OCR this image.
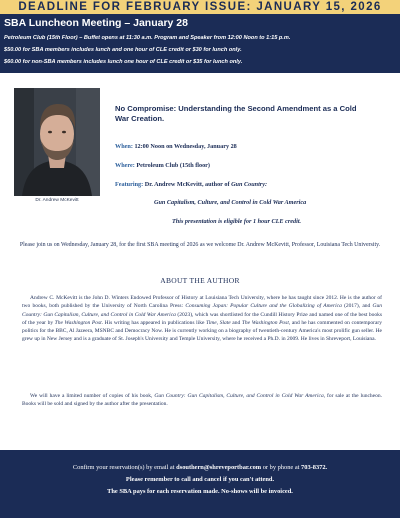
DEADLINE FOR FEBRUARY ISSUE: JANUARY 15, 2026
SBA Luncheon Meeting – January 28
Petroleum Club (15th Floor) – Buffet opens at 11:30 a.m. Program and Speaker from 12:00 Noon to 1:15 p.m.
$50.00 for SBA members includes lunch and one hour of CLE credit or $30 for lunch only.
$60.00 for non-SBA members includes lunch one hour of CLE credit or $35 for lunch only.
Dr. Andrew McKevitt
No Compromise: Understanding the Second Amendment as a Cold War Creation.
When: 12:00 Noon on Wednesday, January 28
Where: Petroleum Club (15th floor)
Featuring: Dr. Andrew McKevitt, author of Gun Country:
Gun Capitalism, Culture, and Control in Cold War America
This presentation is eligible for 1 hour CLE credit.
Please join us on Wednesday, January 28, for the first SBA meeting of 2026 as we welcome Dr. Andrew McKevitt, Professor, Louisiana Tech University.
ABOUT THE AUTHOR

Andrew C. McKevitt is the John D. Winters Endowed Professor of History at Louisiana Tech University, where he has taught since 2012. He is the author of two books, both published by the University of North Carolina Press: Consuming Japan: Popular Culture and the Globalizing of America (2017), and Gun Country: Gun Capitalism, Culture, and Control in Cold War America (2023), which was shortlisted for the Cundill History Prize and named one of the best books of the year by The Washington Post. His writing has appeared in publications like Time, Slate and The Washington Post, and he has commented on contemporary politics for the BBC, Al Jazeera, MSNBC and Democracy Now. He is currently working on a biography of twentieth-century America's most prolific gun seller. He grew up in New Jersey and is a graduate of St. Joseph's University and Temple University, where he received a Ph.D. in 2009. He lives in Shreveport, Louisiana.

We will have a limited number of copies of his book, Gun Country: Gun Capitalism, Culture, and Control in Cold War America, for sale at the luncheon. Books will be sold and signed by the author after the presentation.

Confirm your reservation(s) by email at dsouthern@shreveportbar.com or by phone at 703-8372.
Please remember to call and cancel if you can't attend.
The SBA pays for each reservation made. No-shows will be invoiced.
